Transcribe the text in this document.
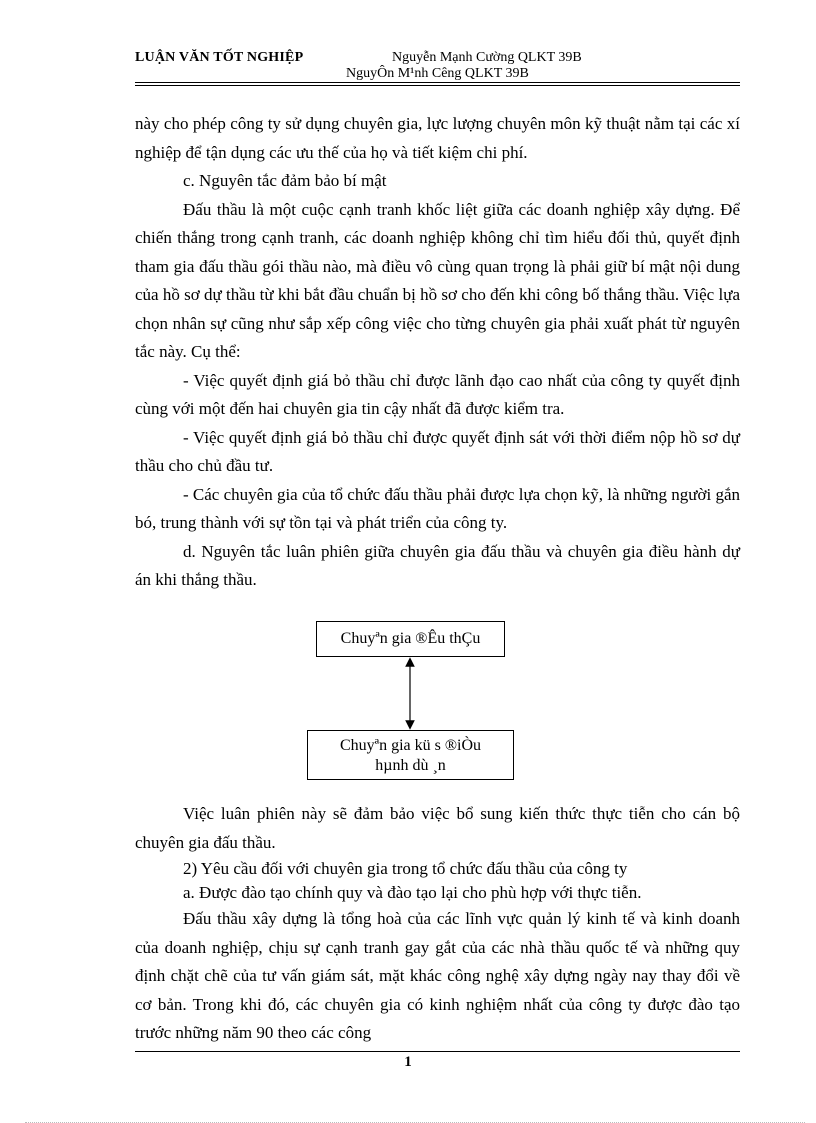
LUẬN VĂN TỐT NGHIỆP	Nguyễn Mạnh Cường QLKT 39B
NguyÔn M¹nh Cêng QLKT 39B

này cho phép công ty sử dụng chuyên gia, lực lượng chuyên môn kỹ thuật nằm tại các xí nghiệp để tận dụng các ưu thế của họ và tiết kiệm chi phí.

c. Nguyên tắc đảm bảo bí mật

Đấu thầu là một cuộc cạnh tranh khốc liệt giữa các doanh nghiệp xây dựng. Để chiến thắng trong cạnh tranh, các doanh nghiệp không chỉ tìm hiểu đối thủ, quyết định tham gia đấu thầu gói thầu nào, mà điều vô cùng quan trọng là phải giữ bí mật nội dung của hồ sơ dự thầu từ khi bắt đầu chuẩn bị hồ sơ cho đến khi công bố thắng thầu. Việc lựa chọn nhân sự cũng như sắp xếp công việc cho từng chuyên gia phải xuất phát từ nguyên tắc này. Cụ thể:

- Việc quyết định giá bỏ thầu chỉ được lãnh đạo cao nhất của công ty quyết định cùng với một đến hai chuyên gia tin cậy nhất đã được kiểm tra.

- Việc quyết định giá bỏ thầu chỉ được quyết định sát với thời điểm nộp hồ sơ dự thầu cho chủ đầu tư.

- Các chuyên gia của tổ chức đấu thầu phải được lựa chọn kỹ, là những người gắn bó, trung thành với sự tồn tại và phát triển của công ty.

d. Nguyên tắc luân phiên giữa chuyên gia đấu thầu và chuyên gia điều hành dự án khi thắng thầu.

Chuyªn gia ®Êu thÇu
Chuyªn gia kü s ®iÒu
hµnh dù ¸n

Việc luân phiên này sẽ đảm bảo việc bổ sung kiến thức thực tiễn cho cán bộ chuyên gia đấu thầu.

2) Yêu cầu đối với chuyên gia trong tổ chức đấu thầu của công ty

a. Được đào tạo chính quy và đào tạo lại cho phù hợp với thực tiễn.

Đấu thầu xây dựng là tổng hoà của các lĩnh vực quản lý kinh tế và kinh doanh của doanh nghiệp, chịu sự cạnh tranh gay gắt của các nhà thầu quốc tế và những quy định chặt chẽ của tư vấn giám sát, mặt khác công nghệ xây dựng ngày nay thay đổi về cơ bản. Trong khi đó, các chuyên gia có kinh nghiệm nhất của công ty được đào tạo trước những năm 90 theo các công

1
